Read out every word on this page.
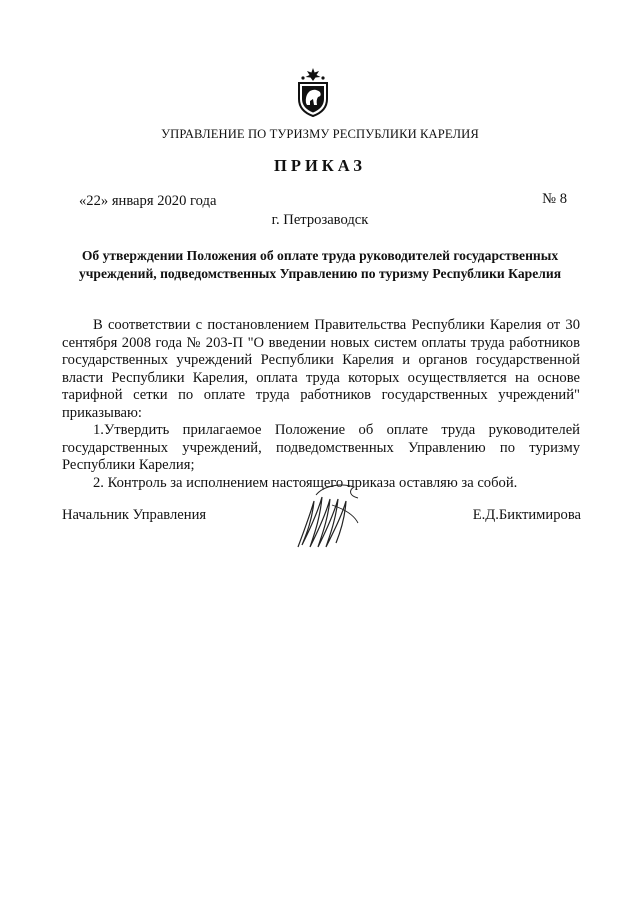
УПРАВЛЕНИЕ ПО ТУРИЗМУ РЕСПУБЛИКИ КАРЕЛИЯ
ПРИКАЗ
«22» января 2020 года	№ 8
г. Петрозаводск
Об утверждении Положения об оплате труда руководителей государственных учреждений, подведомственных Управлению по туризму Республики Карелия

В соответствии с постановлением Правительства Республики Карелия от 30 сентября 2008 года № 203-П "О введении новых систем оплаты труда работников государственных учреждений Республики Карелия и органов государственной власти Республики Карелия, оплата труда которых осуществляется на основе тарифной сетки по оплате труда работников государственных учреждений" приказываю:

1.Утвердить прилагаемое Положение об оплате труда руководителей государственных учреждений, подведомственных Управлению по туризму Республики Карелия;

2. Контроль за исполнением настоящего приказа оставляю за собой.

Начальник Управления	Е.Д.Биктимирова
